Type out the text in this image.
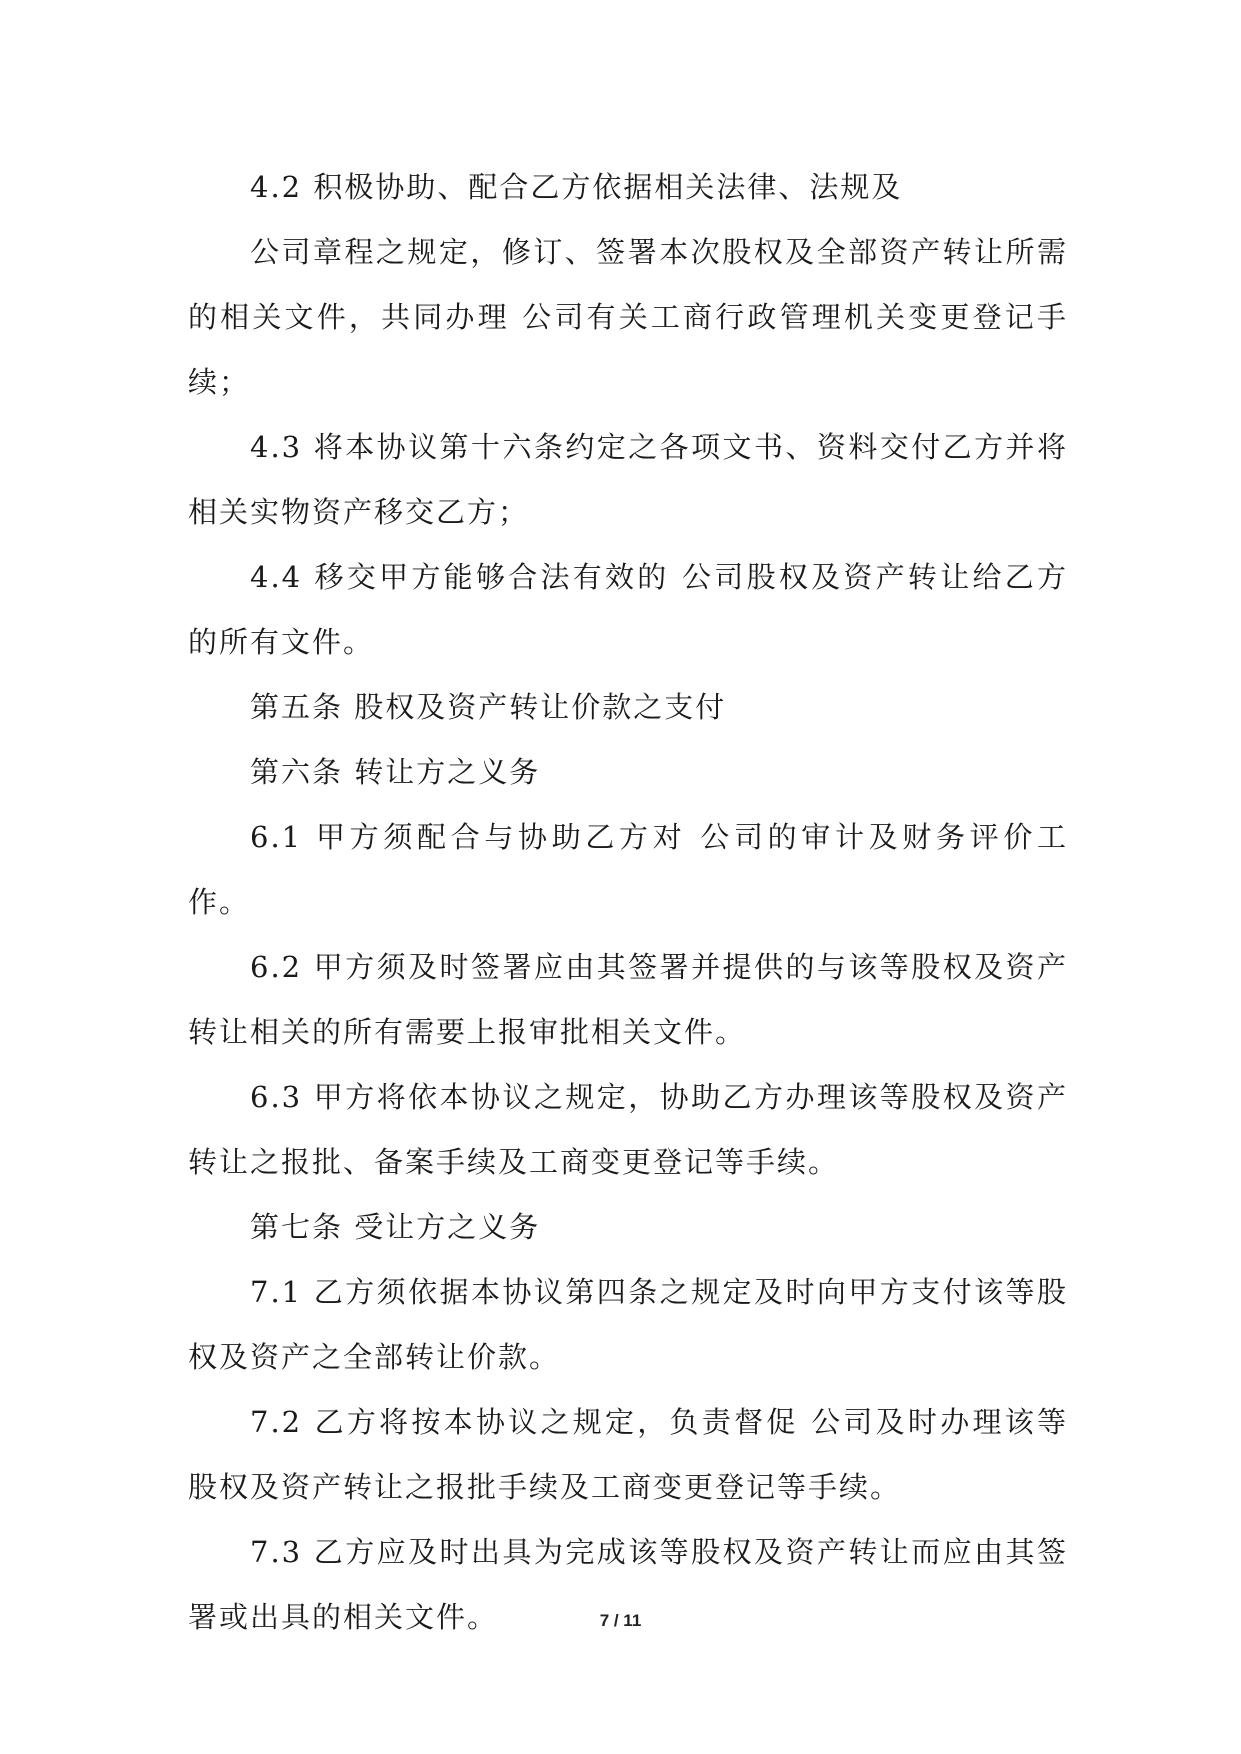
4.2 积极协助、配合乙方依据相关法律、法规及

公司章程之规定，修订、签署本次股权及全部资产转让所需的相关文件，共同办理 公司有关工商行政管理机关变更登记手续；

4.3 将本协议第十六条约定之各项文书、资料交付乙方并将相关实物资产移交乙方；

4.4 移交甲方能够合法有效的 公司股权及资产转让给乙方的所有文件。

第五条 股权及资产转让价款之支付

第六条 转让方之义务

6.1 甲方须配合与协助乙方对 公司的审计及财务评价工作。

6.2 甲方须及时签署应由其签署并提供的与该等股权及资产转让相关的所有需要上报审批相关文件。

6.3 甲方将依本协议之规定，协助乙方办理该等股权及资产转让之报批、备案手续及工商变更登记等手续。

第七条 受让方之义务

7.1 乙方须依据本协议第四条之规定及时向甲方支付该等股权及资产之全部转让价款。

7.2 乙方将按本协议之规定，负责督促 公司及时办理该等股权及资产转让之报批手续及工商变更登记等手续。

7.3 乙方应及时出具为完成该等股权及资产转让而应由其签署或出具的相关文件。	7 / 11
